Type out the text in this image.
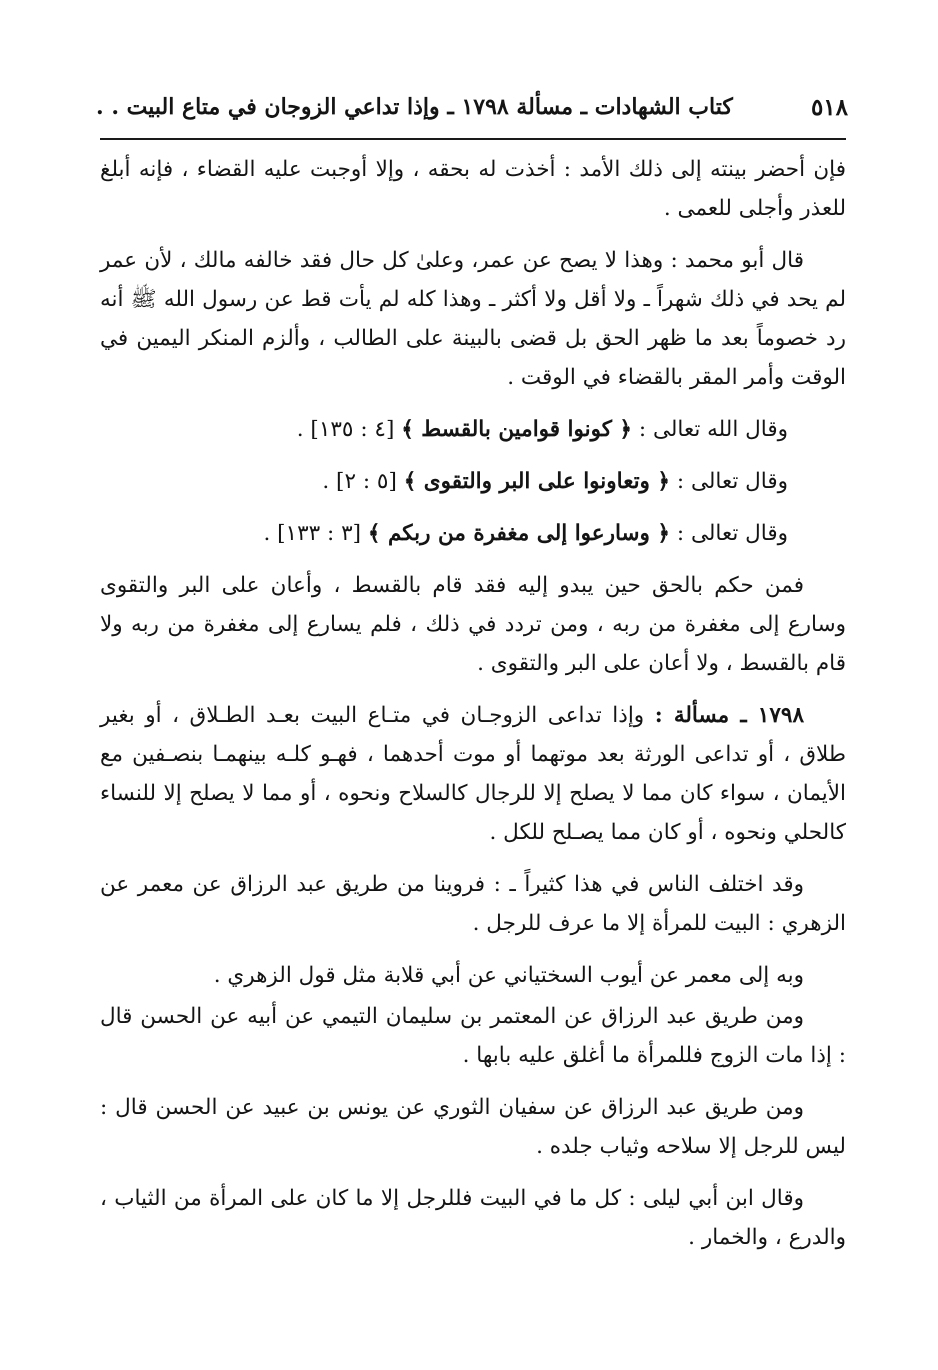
٥١٨
كتاب الشهادات ـ مسألة ١٧٩٨ ـ وإذا تداعي الزوجان في متاع البيت . .

فإن أحضر بينته إلى ذلك الأمد : أخذت له بحقه ، وإلا أوجبت عليه القضاء ، فإنه أبلغ للعذر وأجلى للعمى .

قال أبو محمد : وهذا لا يصح عن عمر، وعلىٰ كل حال فقد خالفه مالك ، لأن عمر لم يحد في ذلك شهراً ـ ولا أقل ولا أكثر ـ وهذا كله لم يأت قط عن رسول الله ﷺ أنه رد خصوماً بعد ما ظهر الحق بل قضى بالبينة على الطالب ، وألزم المنكر اليمين في الوقت وأمر المقر بالقضاء في الوقت .

وقال الله تعالى : ﴿ كونوا قوامين بالقسط ﴾ [٤ : ١٣٥] .

وقال تعالى : ﴿ وتعاونوا على البر والتقوى ﴾ [٥ : ٢] .

وقال تعالى : ﴿ وسارعوا إلى مغفرة من ربكم ﴾ [٣ : ١٣٣] .

فمن حكم بالحق حين يبدو إليه فقد قام بالقسط ، وأعان على البر والتقوى وسارع إلى مغفرة من ربه ، ومن تردد في ذلك ، فلم يسارع إلى مغفرة من ربه ولا قام بالقسط ، ولا أعان على البر والتقوى .

١٧٩٨ ـ مسألة : وإذا تداعى الزوجـان في متـاع البيت بعـد الطـلاق ، أو بغير طلاق ، أو تداعى الورثة بعد موتهما أو موت أحدهما ، فهـو كلـه بينهمـا بنصـفين مع الأيمان ، سواء كان مما لا يصلح إلا للرجال كالسلاح ونحوه ، أو مما لا يصلح إلا للنساء كالحلي ونحوه ، أو كان مما يصـلح للكل .

وقد اختلف الناس في هذا كثيراً ـ : فروينا من طريق عبد الرزاق عن معمر عن الزهري : البيت للمرأة إلا ما عرف للرجل .

وبه إلى معمر عن أيوب السختياني عن أبي قلابة مثل قول الزهري .

ومن طريق عبد الرزاق عن المعتمر بن سليمان التيمي عن أبيه عن الحسن قال : إذا مات الزوج فللمرأة ما أغلق عليه بابها .

ومن طريق عبد الرزاق عن سفيان الثوري عن يونس بن عبيد عن الحسن قال : ليس للرجل إلا سلاحه وثياب جلده .

وقال ابن أبي ليلى : كل ما في البيت فللرجل إلا ما كان على المرأة من الثياب ، والدرع ، والخمار .
